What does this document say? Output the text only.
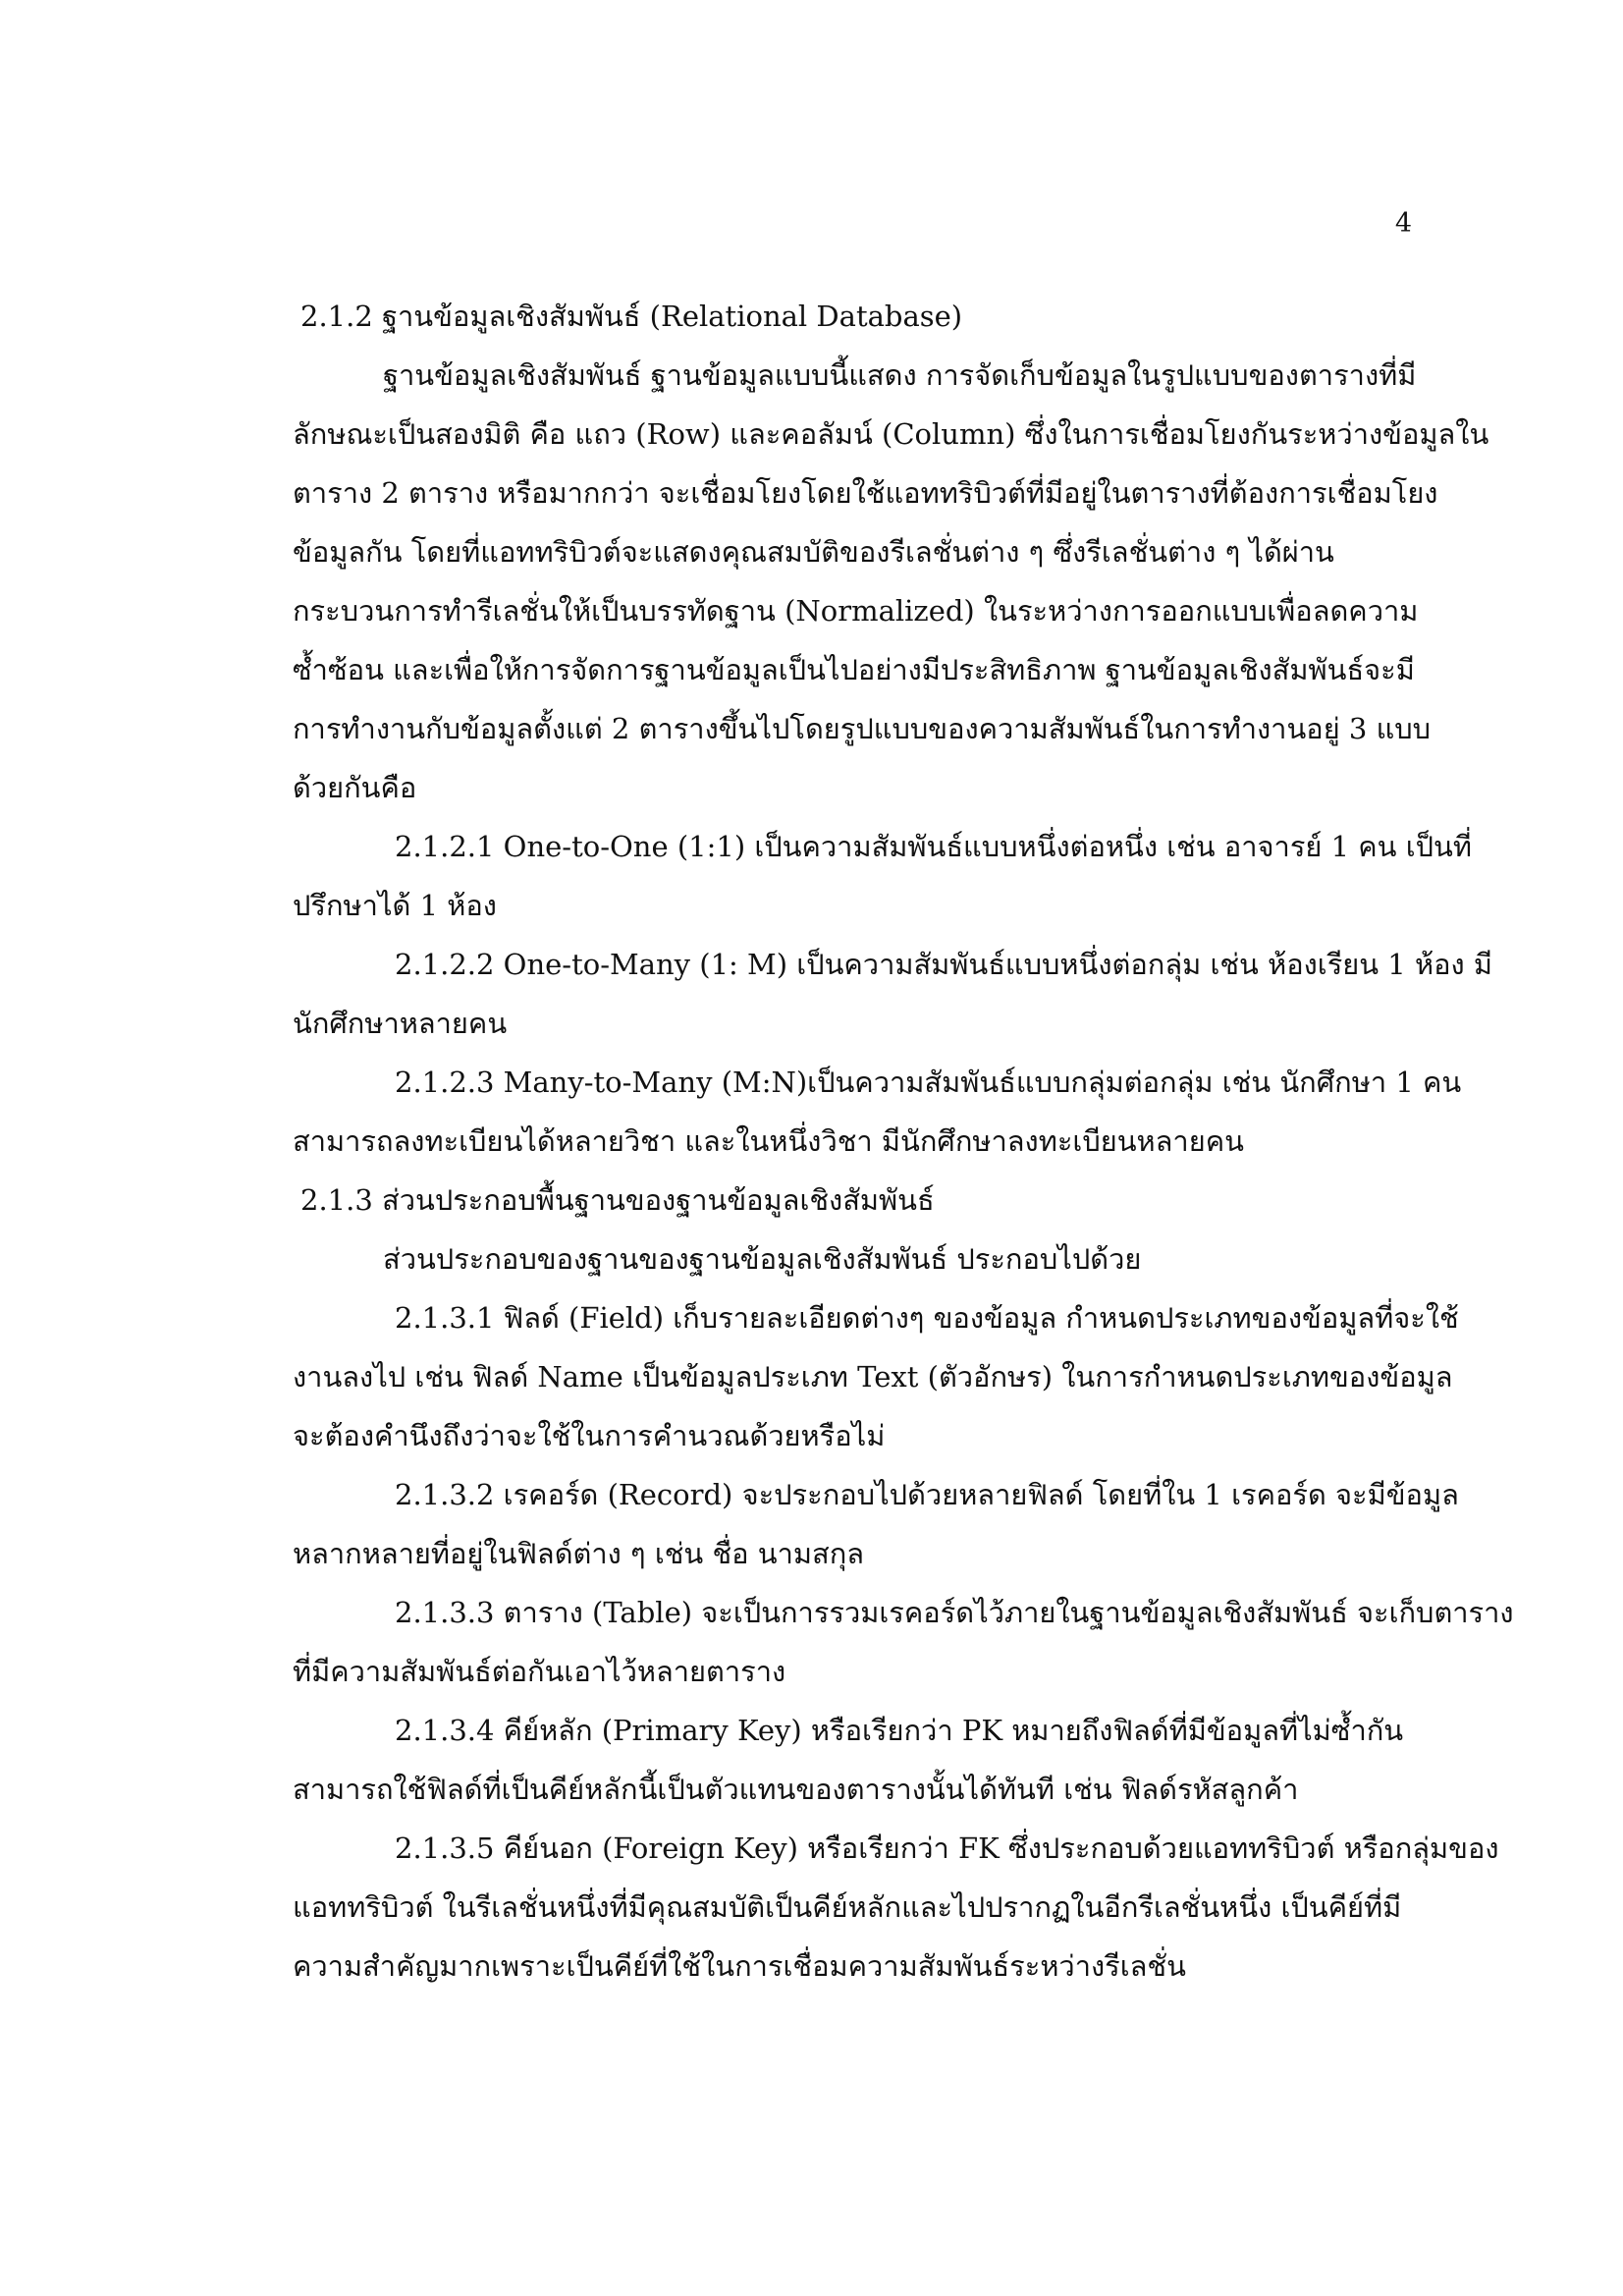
4
2.1.2 ฐานข้อมูลเชิงสัมพันธ์ (Relational Database)
ฐานข้อมูลเชิงสัมพันธ์ ฐานข้อมูลแบบนี้แสดง การจัดเก็บข้อมูลในรูปแบบของตารางที่มี
ลักษณะเป็นสองมิติ คือ แถว (Row) และคอลัมน์ (Column) ซึ่งในการเชื่อมโยงกันระหว่างข้อมูลใน
ตาราง 2 ตาราง หรือมากกว่า จะเชื่อมโยงโดยใช้แอททริบิวต์ที่มีอยู่ในตารางที่ต้องการเชื่อมโยง
ข้อมูลกัน โดยที่แอททริบิวต์จะแสดงคุณสมบัติของรีเลชั่นต่าง ๆ ซึ่งรีเลชั่นต่าง ๆ ได้ผ่าน
กระบวนการทำรีเลชั่นให้เป็นบรรทัดฐาน (Normalized) ในระหว่างการออกแบบเพื่อลดความ
ซ้ำซ้อน และเพื่อให้การจัดการฐานข้อมูลเป็นไปอย่างมีประสิทธิภาพ ฐานข้อมูลเชิงสัมพันธ์จะมี
การทำงานกับข้อมูลตั้งแต่ 2 ตารางขึ้นไปโดยรูปแบบของความสัมพันธ์ในการทำงานอยู่ 3 แบบ
ด้วยกันคือ
2.1.2.1 One-to-One (1:1) เป็นความสัมพันธ์แบบหนึ่งต่อหนึ่ง เช่น อาจารย์ 1 คน เป็นที่
ปรึกษาได้ 1 ห้อง
2.1.2.2 One-to-Many (1: M) เป็นความสัมพันธ์แบบหนึ่งต่อกลุ่ม เช่น ห้องเรียน 1 ห้อง มี
นักศึกษาหลายคน
2.1.2.3 Many-to-Many (M:N)เป็นความสัมพันธ์แบบกลุ่มต่อกลุ่ม เช่น นักศึกษา 1 คน
สามารถลงทะเบียนได้หลายวิชา และในหนึ่งวิชา มีนักศึกษาลงทะเบียนหลายคน
2.1.3 ส่วนประกอบพื้นฐานของฐานข้อมูลเชิงสัมพันธ์
ส่วนประกอบของฐานของฐานข้อมูลเชิงสัมพันธ์ ประกอบไปด้วย
2.1.3.1 ฟิลด์ (Field) เก็บรายละเอียดต่างๆ ของข้อมูล กำหนดประเภทของข้อมูลที่จะใช้
งานลงไป เช่น ฟิลด์ Name เป็นข้อมูลประเภท Text (ตัวอักษร) ในการกำหนดประเภทของข้อมูล
จะต้องคำนึงถึงว่าจะใช้ในการคำนวณด้วยหรือไม่
2.1.3.2 เรคอร์ด (Record) จะประกอบไปด้วยหลายฟิลด์ โดยที่ใน 1 เรคอร์ด จะมีข้อมูล
หลากหลายที่อยู่ในฟิลด์ต่าง ๆ เช่น ชื่อ นามสกุล
2.1.3.3 ตาราง (Table) จะเป็นการรวมเรคอร์ดไว้ภายในฐานข้อมูลเชิงสัมพันธ์ จะเก็บตาราง
ที่มีความสัมพันธ์ต่อกันเอาไว้หลายตาราง
2.1.3.4 คีย์หลัก (Primary Key) หรือเรียกว่า PK หมายถึงฟิลด์ที่มีข้อมูลที่ไม่ซ้ำกัน
สามารถใช้ฟิลด์ที่เป็นคีย์หลักนี้เป็นตัวแทนของตารางนั้นได้ทันที เช่น ฟิลด์รหัสลูกค้า
2.1.3.5 คีย์นอก (Foreign Key) หรือเรียกว่า FK ซึ่งประกอบด้วยแอททริบิวต์ หรือกลุ่มของ
แอททริบิวต์ ในรีเลชั่นหนึ่งที่มีคุณสมบัติเป็นคีย์หลักและไปปรากฏในอีกรีเลชั่นหนึ่ง เป็นคีย์ที่มี
ความสำคัญมากเพราะเป็นคีย์ที่ใช้ในการเชื่อมความสัมพันธ์ระหว่างรีเลชั่น
